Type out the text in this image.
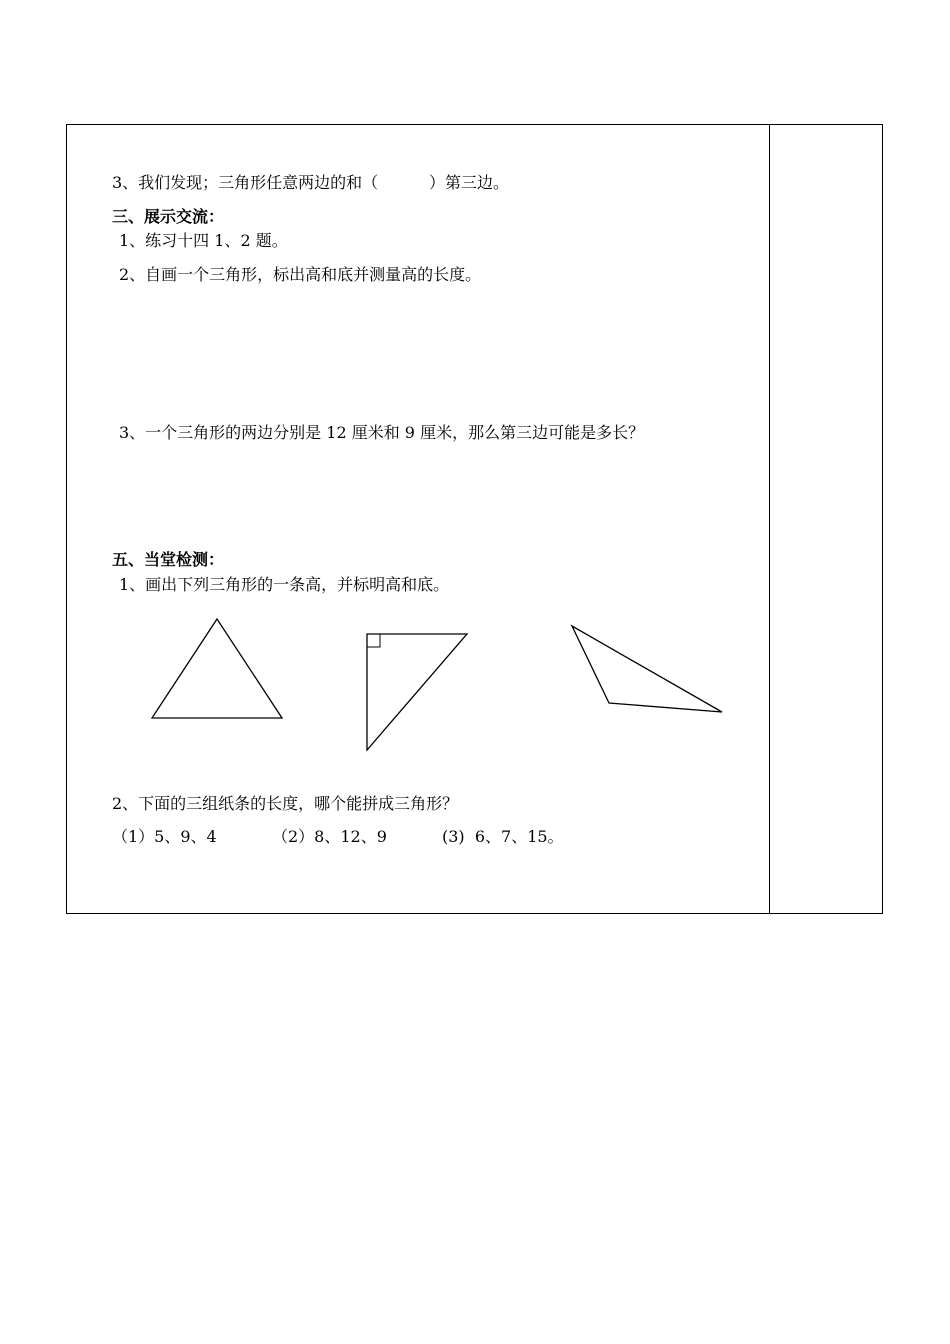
3、我们发现；三角形任意两边的和（          ）第三边。
三、展示交流：
1、练习十四 1、2 题。
2、自画一个三角形，标出高和底并测量高的长度。
3、一个三角形的两边分别是 12 厘米和 9 厘米，那么第三边可能是多长？
五、当堂检测：
1、画出下列三角形的一条高，并标明高和底。
2、下面的三组纸条的长度，哪个能拼成三角形？
（1）5、9、4	（2）8、12、9	(3)  6、7、15。
